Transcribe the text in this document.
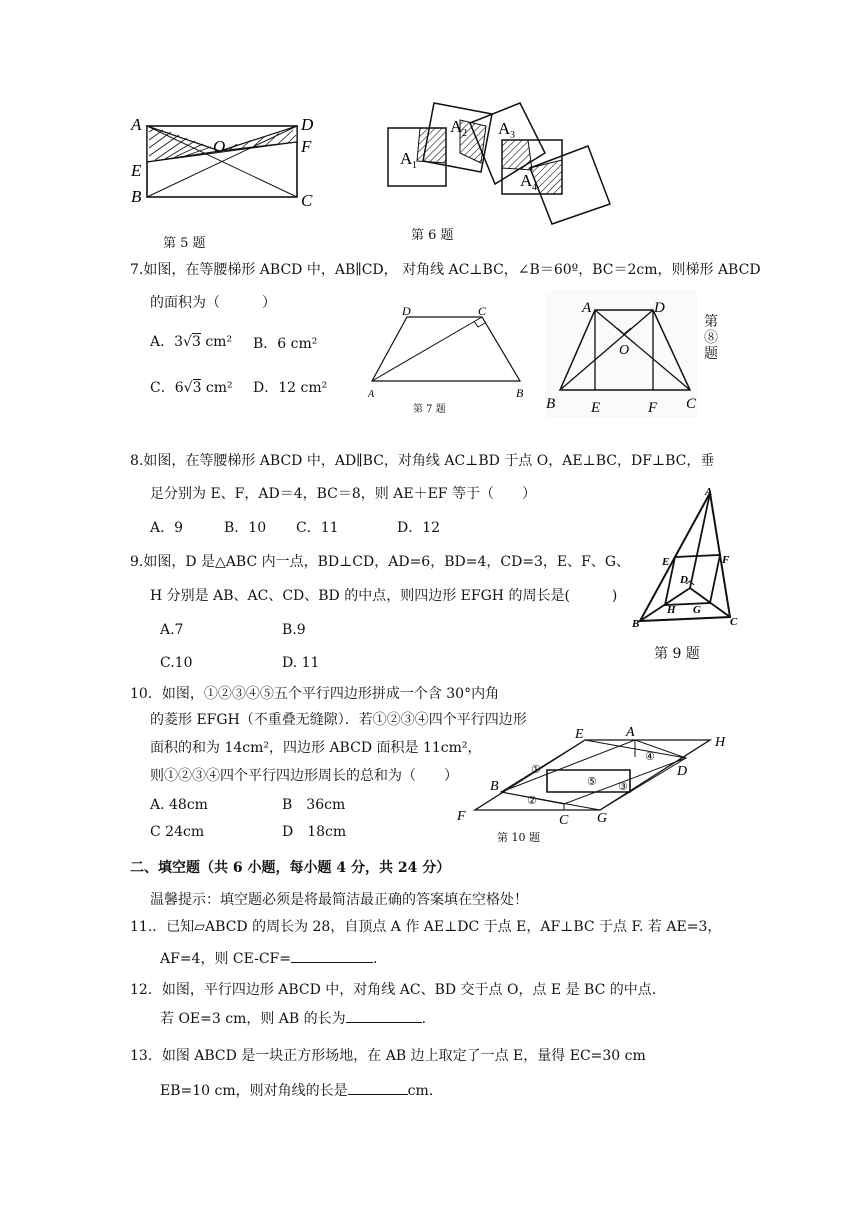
A	D
O	F
E
B	C
第 5 题
A 1
A 2 A 3
A 4
第 6 题
7.如图，在等腰梯形 ABCD 中，AB∥CD， 对角线 AC⊥BC，∠B＝60º，BC＝2cm，则梯形 ABCD
的面积为（　　　）
A．3√3 cm² B．6 cm²
C．6√3 cm² D．12 cm²
D	C
A	B
第 7 题
A	D
O
B E	F C
第⑧题
8.如图，在等腰梯形 ABCD 中，AD∥BC，对角线 AC⊥BD 于点 O，AE⊥BC，DF⊥BC，垂
足分别为 E、F，AD＝4，BC＝8，则 AE＋EF 等于（　　）
A．9	B．10 C．11	D．12
A
E	F
D
H G
B	C
第 9 题
9.如图，D 是△ABC 内一点，BD⊥CD，AD=6，BD=4，CD=3，E、F、G、
H 分别是 AB、AC、CD、BD 的中点，则四边形 EFGH 的周长是(　　　)
A.7	B.9
C.10	D. 11
10．如图，①②③④⑤五个平行四边形拼成一个含 30°内角
的菱形 EFGH（不重叠无缝隙）．若①②③④四个平行四边形
面积的和为 14cm²，四边形 ABCD 面积是 11cm²，
则①②③④四个平行四边形周长的总和为（　　）
A. 48cm	B　36cm
C 24cm	D　18cm
E	A
H
D
B
F	C G
①
②
③
④
⑤
第 10 题
二、填空题（共 6 小题，每小题 4 分，共 24 分）
温馨提示：填空题必须是将最简洁最正确的答案填在空格处！
11.．已知▱ABCD 的周长为 28，自顶点 A 作 AE⊥DC 于点 E，AF⊥BC 于点 F. 若 AE=3，
AF=4，则 CE-CF=	.
12．如图，平行四边形 ABCD 中，对角线 AC、BD 交于点 O，点 E 是 BC 的中点.
若 OE=3 cm，则 AB 的长为	.
13．如图 ABCD 是一块正方形场地，在 AB 边上取定了一点 E，量得 EC=30 cm
EB=10 cm，则对角线的长是	cm.
